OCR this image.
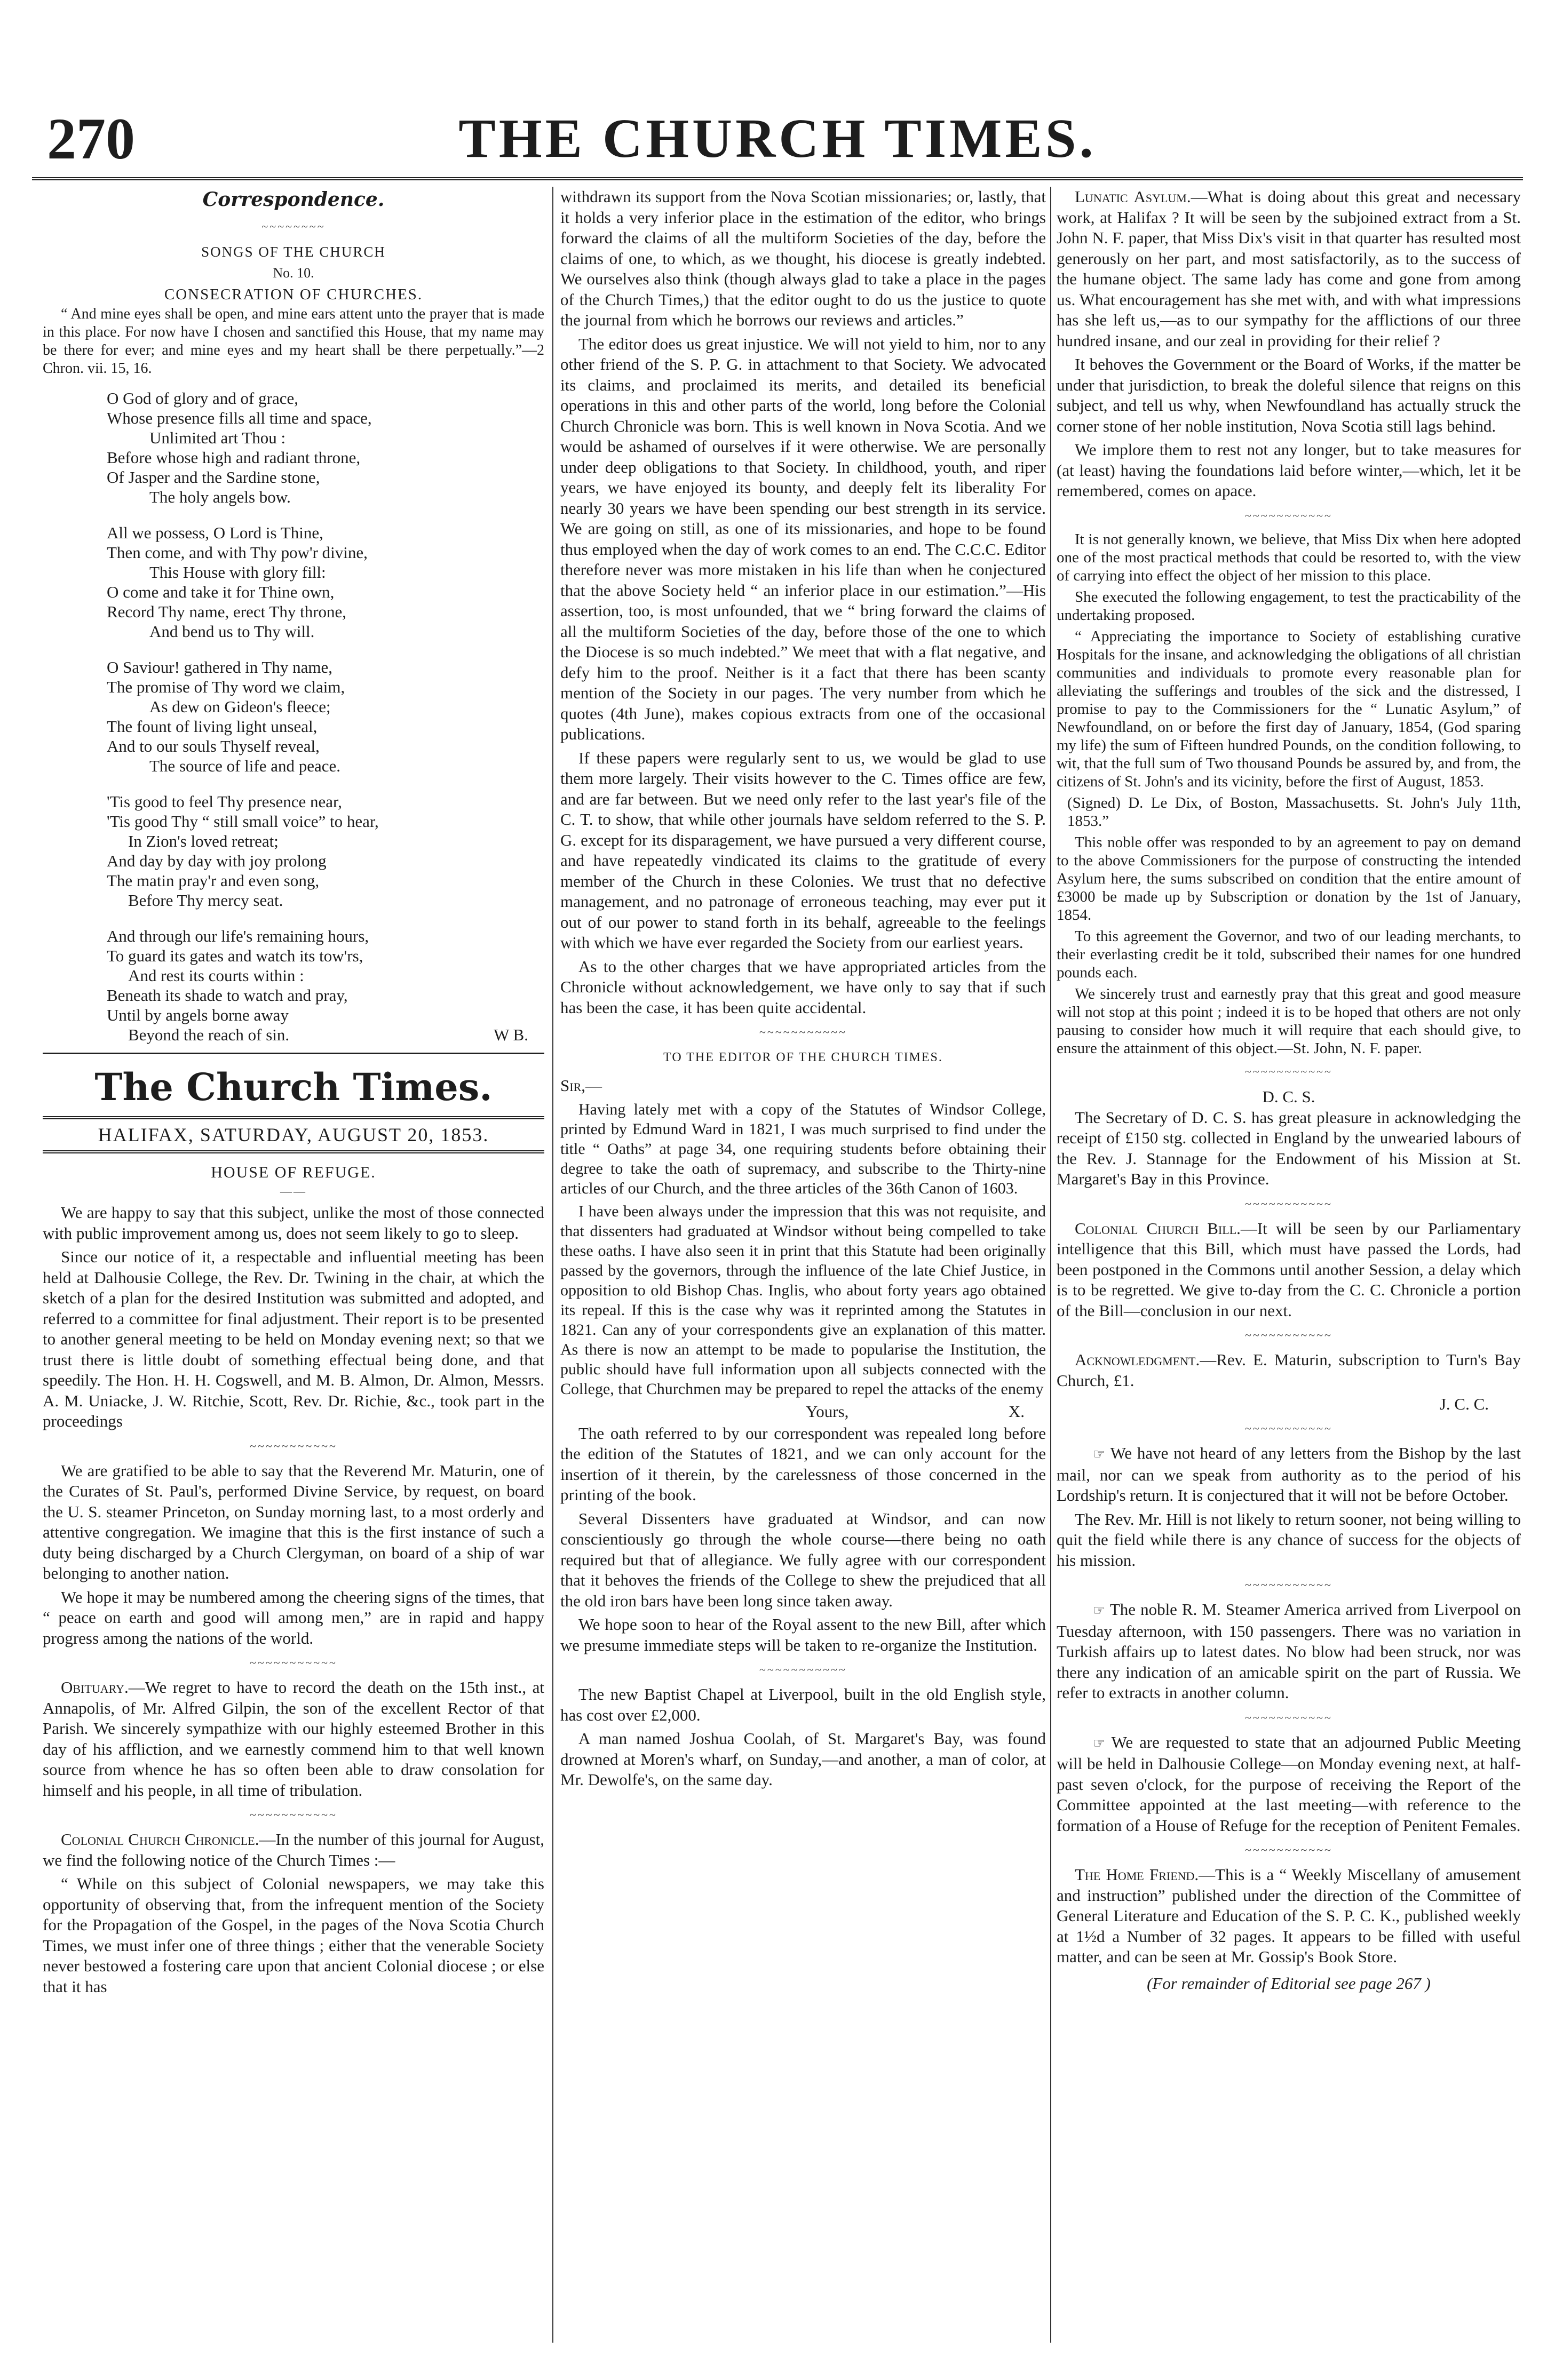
270	THE CHURCH TIMES.
Correspondence.
~~~~~~~~
SONGS OF THE CHURCH
No. 10.
CONSECRATION OF CHURCHES.

“ And mine eyes shall be open, and mine ears attent unto the prayer that is made in this place. For now have I chosen and sanctified this House, that my name may be there for ever; and mine eyes and my heart shall be there perpetually.”—2 Chron. vii. 15, 16.

O God of glory and of grace,
Whose presence fills all time and space,
Unlimited art Thou :
Before whose high and radiant throne,
Of Jasper and the Sardine stone,
The holy angels bow.
All we possess, O Lord is Thine,
Then come, and with Thy pow'r divine,
This House with glory fill:
O come and take it for Thine own,
Record Thy name, erect Thy throne,
And bend us to Thy will.
O Saviour! gathered in Thy name,
The promise of Thy word we claim,
As dew on Gideon's fleece;
The fount of living light unseal,
And to our souls Thyself reveal,
The source of life and peace.
'Tis good to feel Thy presence near,
'Tis good Thy “ still small voice” to hear,
In Zion's loved retreat;
And day by day with joy prolong
The matin pray'r and even song,
Before Thy mercy seat.
And through our life's remaining hours,
To guard its gates and watch its tow'rs,
And rest its courts within :
Beneath its shade to watch and pray,
Until by angels borne away
Beyond the reach of sin.	W B.
The Church Times.
HALIFAX, SATURDAY, AUGUST 20, 1853.
HOUSE OF REFUGE.
——

We are happy to say that this subject, unlike the most of those connected with public improvement among us, does not seem likely to go to sleep.

Since our notice of it, a respectable and influential meeting has been held at Dalhousie College, the Rev. Dr. Twining in the chair, at which the sketch of a plan for the desired Institution was submitted and adopted, and referred to a committee for final adjustment. Their report is to be presented to another general meeting to be held on Monday evening next; so that we trust there is little doubt of something effectual being done, and that speedily. The Hon. H. H. Cogswell, and M. B. Almon, Dr. Almon, Messrs. A. M. Uniacke, J. W. Ritchie, Scott, Rev. Dr. Richie, &c., took part in the proceedings

~~~~~~~~~~~

We are gratified to be able to say that the Reverend Mr. Maturin, one of the Curates of St. Paul's, performed Divine Service, by request, on board the U. S. steamer Princeton, on Sunday morning last, to a most orderly and attentive congregation. We imagine that this is the first instance of such a duty being discharged by a Church Clergyman, on board of a ship of war belonging to another nation.

We hope it may be numbered among the cheering signs of the times, that “ peace on earth and good will among men,” are in rapid and happy progress among the nations of the world.

~~~~~~~~~~~

Obituary.—We regret to have to record the death on the 15th inst., at Annapolis, of Mr. Alfred Gilpin, the son of the excellent Rector of that Parish. We sincerely sympathize with our highly esteemed Brother in this day of his affliction, and we earnestly commend him to that well known source from whence he has so often been able to draw consolation for himself and his people, in all time of tribulation.

~~~~~~~~~~~

Colonial Church Chronicle.—In the number of this journal for August, we find the following notice of the Church Times :—

“ While on this subject of Colonial newspapers, we may take this opportunity of observing that, from the infrequent mention of the Society for the Propagation of the Gospel, in the pages of the Nova Scotia Church Times, we must infer one of three things ; either that the venerable Society never bestowed a fostering care upon that ancient Colonial diocese ; or else that it has

withdrawn its support from the Nova Scotian missionaries; or, lastly, that it holds a very inferior place in the estimation of the editor, who brings forward the claims of all the multiform Societies of the day, before the claims of one, to which, as we thought, his diocese is greatly indebted. We ourselves also think (though always glad to take a place in the pages of the Church Times,) that the editor ought to do us the justice to quote the journal from which he borrows our reviews and articles.”

The editor does us great injustice. We will not yield to him, nor to any other friend of the S. P. G. in attachment to that Society. We advocated its claims, and proclaimed its merits, and detailed its beneficial operations in this and other parts of the world, long before the Colonial Church Chronicle was born. This is well known in Nova Scotia. And we would be ashamed of ourselves if it were otherwise. We are personally under deep obligations to that Society. In childhood, youth, and riper years, we have enjoyed its bounty, and deeply felt its liberality For nearly 30 years we have been spending our best strength in its service. We are going on still, as one of its missionaries, and hope to be found thus employed when the day of work comes to an end. The C.C.C. Editor therefore never was more mistaken in his life than when he conjectured that the above Society held “ an inferior place in our estimation.”—His assertion, too, is most unfounded, that we “ bring forward the claims of all the multiform Societies of the day, before those of the one to which the Diocese is so much indebted.” We meet that with a flat negative, and defy him to the proof. Neither is it a fact that there has been scanty mention of the Society in our pages. The very number from which he quotes (4th June), makes copious extracts from one of the occasional publications.

If these papers were regularly sent to us, we would be glad to use them more largely. Their visits however to the C. Times office are few, and are far between. But we need only refer to the last year's file of the C. T. to show, that while other journals have seldom referred to the S. P. G. except for its disparagement, we have pursued a very different course, and have repeatedly vindicated its claims to the gratitude of every member of the Church in these Colonies. We trust that no defective management, and no patronage of erroneous teaching, may ever put it out of our power to stand forth in its behalf, agreeable to the feelings with which we have ever regarded the Society from our earliest years.

As to the other charges that we have appropriated articles from the Chronicle without acknowledgement, we have only to say that if such has been the case, it has been quite accidental.

~~~~~~~~~~~
TO THE EDITOR OF THE CHURCH TIMES.

Sir,—

Having lately met with a copy of the Statutes of Windsor College, printed by Edmund Ward in 1821, I was much surprised to find under the title “ Oaths” at page 34, one requiring students before obtaining their degree to take the oath of supremacy, and subscribe to the Thirty-nine articles of our Church, and the three articles of the 36th Canon of 1603.

I have been always under the impression that this was not requisite, and that dissenters had graduated at Windsor without being compelled to take these oaths. I have also seen it in print that this Statute had been originally passed by the governors, through the influence of the late Chief Justice, in opposition to old Bishop Chas. Inglis, who about forty years ago obtained its repeal. If this is the case why was it reprinted among the Statutes in 1821. Can any of your correspondents give an explanation of this matter. As there is now an attempt to be made to popularise the Institution, the public should have full information upon all subjects connected with the College, that Churchmen may be prepared to repel the attacks of the enemy

Yours,	X.

The oath referred to by our correspondent was repealed long before the edition of the Statutes of 1821, and we can only account for the insertion of it therein, by the carelessness of those concerned in the printing of the book.

Several Dissenters have graduated at Windsor, and can now conscientiously go through the whole course—there being no oath required but that of allegiance. We fully agree with our correspondent that it behoves the friends of the College to shew the prejudiced that all the old iron bars have been long since taken away.

We hope soon to hear of the Royal assent to the new Bill, after which we presume immediate steps will be taken to re-organize the Institution.

~~~~~~~~~~~

The new Baptist Chapel at Liverpool, built in the old English style, has cost over £2,000.

A man named Joshua Coolah, of St. Margaret's Bay, was found drowned at Moren's wharf, on Sunday,—and another, a man of color, at Mr. Dewolfe's, on the same day.

Lunatic Asylum.—What is doing about this great and necessary work, at Halifax ? It will be seen by the subjoined extract from a St. John N. F. paper, that Miss Dix's visit in that quarter has resulted most generously on her part, and most satisfactorily, as to the success of the humane object. The same lady has come and gone from among us. What encouragement has she met with, and with what impressions has she left us,—as to our sympathy for the afflictions of our three hundred insane, and our zeal in providing for their relief ?

It behoves the Government or the Board of Works, if the matter be under that jurisdiction, to break the doleful silence that reigns on this subject, and tell us why, when Newfoundland has actually struck the corner stone of her noble institution, Nova Scotia still lags behind.

We implore them to rest not any longer, but to take measures for (at least) having the foundations laid before winter,—which, let it be remembered, comes on apace.

~~~~~~~~~~~

It is not generally known, we believe, that Miss Dix when here adopted one of the most practical methods that could be resorted to, with the view of carrying into effect the object of her mission to this place.

She executed the following engagement, to test the practicability of the undertaking proposed.

“ Appreciating the importance to Society of establishing curative Hospitals for the insane, and acknowledging the obligations of all christian communities and individuals to promote every reasonable plan for alleviating the sufferings and troubles of the sick and the distressed, I promise to pay to the Commissioners for the “ Lunatic Asylum,” of Newfoundland, on or before the first day of January, 1854, (God sparing my life) the sum of Fifteen hundred Pounds, on the condition following, to wit, that the full sum of Two thousand Pounds be assured by, and from, the citizens of St. John's and its vicinity, before the first of August, 1853.

(Signed) D. Le Dix, of Boston, Massachusetts. St. John's July 11th, 1853.”

This noble offer was responded to by an agreement to pay on demand to the above Commissioners for the purpose of constructing the intended Asylum here, the sums subscribed on condition that the entire amount of £3000 be made up by Subscription or donation by the 1st of January, 1854.

To this agreement the Governor, and two of our leading merchants, to their everlasting credit be it told, subscribed their names for one hundred pounds each.

We sincerely trust and earnestly pray that this great and good measure will not stop at this point ; indeed it is to be hoped that others are not only pausing to consider how much it will require that each should give, to ensure the attainment of this object.—St. John, N. F. paper.

~~~~~~~~~~~
D. C. S.

The Secretary of D. C. S. has great pleasure in acknowledging the receipt of £150 stg. collected in England by the unwearied labours of the Rev. J. Stannage for the Endowment of his Mission at St. Margaret's Bay in this Province.

~~~~~~~~~~~

Colonial Church Bill.—It will be seen by our Parliamentary intelligence that this Bill, which must have passed the Lords, had been postponed in the Commons until another Session, a delay which is to be regretted. We give to-day from the C. C. Chronicle a portion of the Bill—conclusion in our next.

~~~~~~~~~~~

Acknowledgment.—Rev. E. Maturin, subscription to Turn's Bay Church, £1.

J. C. C.
~~~~~~~~~~~

☞ We have not heard of any letters from the Bishop by the last mail, nor can we speak from authority as to the period of his Lordship's return. It is conjectured that it will not be before October.

The Rev. Mr. Hill is not likely to return sooner, not being willing to quit the field while there is any chance of success for the objects of his mission.

~~~~~~~~~~~

☞ The noble R. M. Steamer America arrived from Liverpool on Tuesday afternoon, with 150 passengers. There was no variation in Turkish affairs up to latest dates. No blow had been struck, nor was there any indication of an amicable spirit on the part of Russia. We refer to extracts in another column.

~~~~~~~~~~~

☞ We are requested to state that an adjourned Public Meeting will be held in Dalhousie College—on Monday evening next, at half-past seven o'clock, for the purpose of receiving the Report of the Committee appointed at the last meeting—with reference to the formation of a House of Refuge for the reception of Penitent Females.

~~~~~~~~~~~

The Home Friend.—This is a “ Weekly Miscellany of amusement and instruction” published under the direction of the Committee of General Literature and Education of the S. P. C. K., published weekly at 1½d a Number of 32 pages. It appears to be filled with useful matter, and can be seen at Mr. Gossip's Book Store.

(For remainder of Editorial see page 267 )
